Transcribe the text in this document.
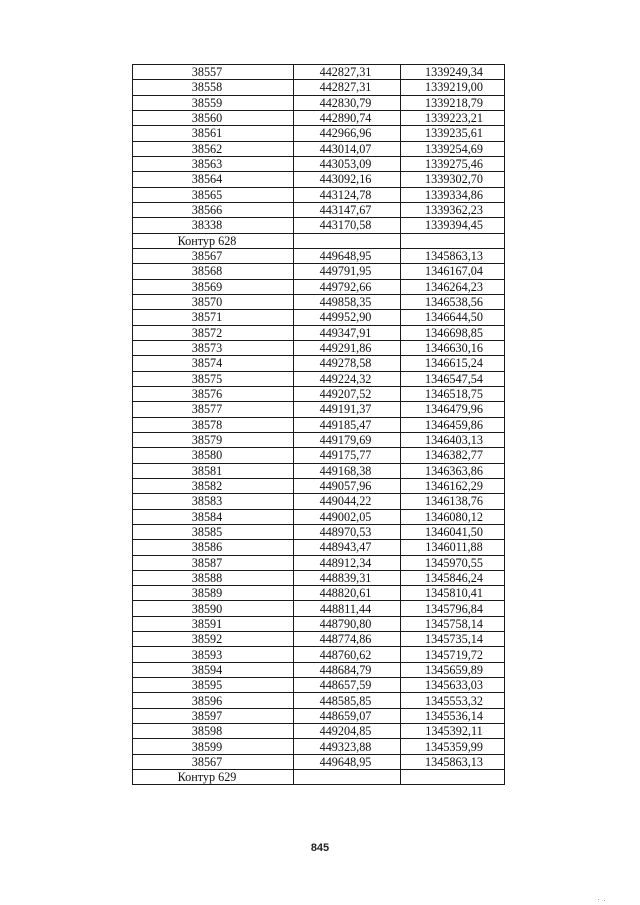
38557	442827,31	1339249,34
38558	442827,31	1339219,00
38559	442830,79	1339218,79
38560	442890,74	1339223,21
38561	442966,96	1339235,61
38562	443014,07	1339254,69
38563	443053,09	1339275,46
38564	443092,16	1339302,70
38565	443124,78	1339334,86
38566	443147,67	1339362,23
38338	443170,58	1339394,45
Контур 628		
38567	449648,95	1345863,13
38568	449791,95	1346167,04
38569	449792,66	1346264,23
38570	449858,35	1346538,56
38571	449952,90	1346644,50
38572	449347,91	1346698,85
38573	449291,86	1346630,16
38574	449278,58	1346615,24
38575	449224,32	1346547,54
38576	449207,52	1346518,75
38577	449191,37	1346479,96
38578	449185,47	1346459,86
38579	449179,69	1346403,13
38580	449175,77	1346382,77
38581	449168,38	1346363,86
38582	449057,96	1346162,29
38583	449044,22	1346138,76
38584	449002,05	1346080,12
38585	448970,53	1346041,50
38586	448943,47	1346011,88
38587	448912,34	1345970,55
38588	448839,31	1345846,24
38589	448820,61	1345810,41
38590	448811,44	1345796,84
38591	448790,80	1345758,14
38592	448774,86	1345735,14
38593	448760,62	1345719,72
38594	448684,79	1345659,89
38595	448657,59	1345633,03
38596	448585,85	1345553,32
38597	448659,07	1345536,14
38598	449204,85	1345392,11
38599	449323,88	1345359,99
38567	449648,95	1345863,13
Контур 629		
845
